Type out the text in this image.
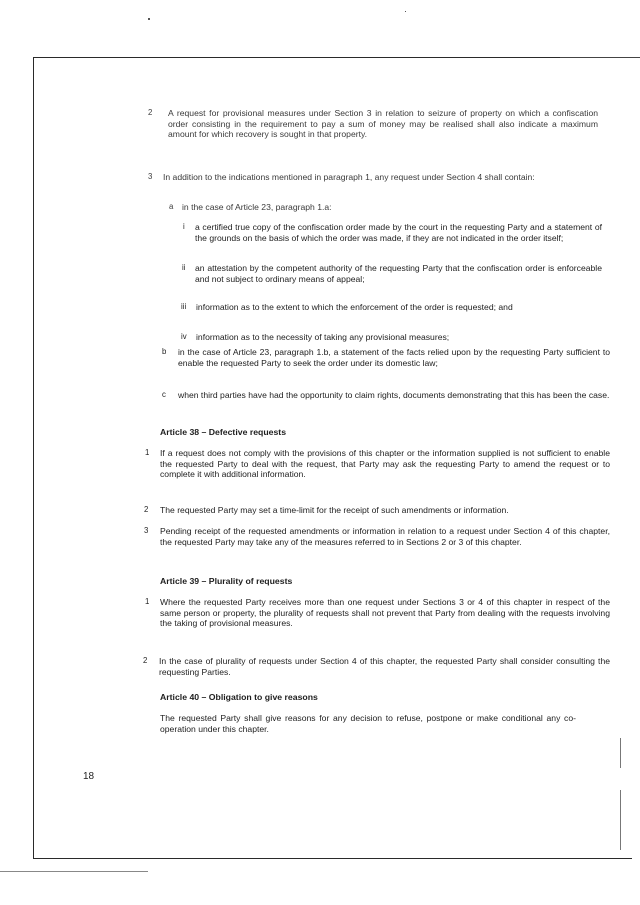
2 A request for provisional measures under Section 3 in relation to seizure of property on which a confiscation order consisting in the requirement to pay a sum of money may be realised shall also indicate a maximum amount for which recovery is sought in that property.
3 In addition to the indications mentioned in paragraph 1, any request under Section 4 shall contain:
a in the case of Article 23, paragraph 1.a:
i a certified true copy of the confiscation order made by the court in the requesting Party and a statement of the grounds on the basis of which the order was made, if they are not indicated in the order itself;
ii an attestation by the competent authority of the requesting Party that the confiscation order is enforceable and not subject to ordinary means of appeal;
iii information as to the extent to which the enforcement of the order is requested; and
iv information as to the necessity of taking any provisional measures;
b in the case of Article 23, paragraph 1.b, a statement of the facts relied upon by the requesting Party sufficient to enable the requested Party to seek the order under its domestic law;
c when third parties have had the opportunity to claim rights, documents demonstrating that this has been the case.
Article 38 – Defective requests
1 If a request does not comply with the provisions of this chapter or the information supplied is not sufficient to enable the requested Party to deal with the request, that Party may ask the requesting Party to amend the request or to complete it with additional information.
2 The requested Party may set a time-limit for the receipt of such amendments or information.
3 Pending receipt of the requested amendments or information in relation to a request under Section 4 of this chapter, the requested Party may take any of the measures referred to in Sections 2 or 3 of this chapter.
Article 39 – Plurality of requests
1 Where the requested Party receives more than one request under Sections 3 or 4 of this chapter in respect of the same person or property, the plurality of requests shall not prevent that Party from dealing with the requests involving the taking of provisional measures.
2 In the case of plurality of requests under Section 4 of this chapter, the requested Party shall consider consulting the requesting Parties.
Article 40 – Obligation to give reasons
The requested Party shall give reasons for any decision to refuse, postpone or make conditional any co-operation under this chapter.
18
